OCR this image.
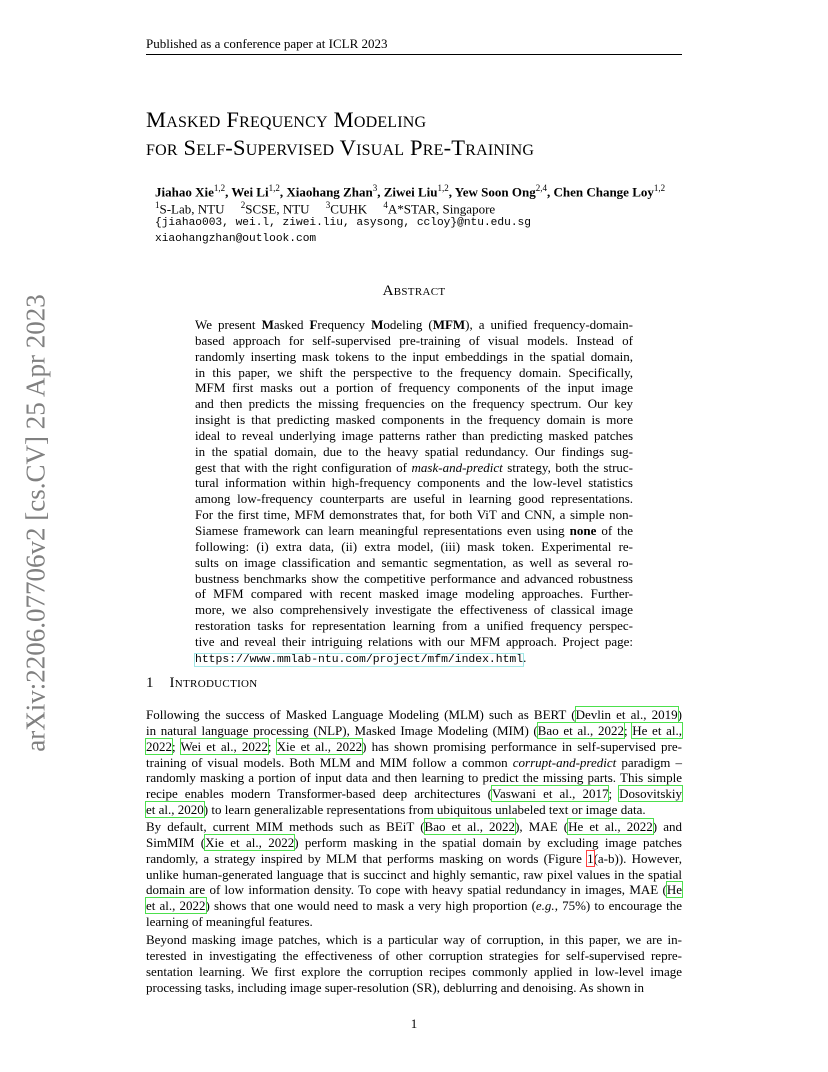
Published as a conference paper at ICLR 2023
Masked Frequency Modeling
for Self-Supervised Visual Pre-Training
Jiahao Xie$^{1,2}$, Wei Li$^{1,2}$, Xiaohang Zhan$^3$, Ziwei Liu$^{1,2}$, Yew Soon Ong$^{2,4}$, Chen Change Loy$^{1,2}$
$^1$S-Lab, NTU $^2$SCSE, NTU $^3$CUHK $^4$A*STAR, Singapore
{jiahao003, wei.l, ziwei.liu, asysong, ccloy}@ntu.edu.sg
xiaohangzhan@outlook.com
arXiv:2206.07706v2 [cs.CV] 25 Apr 2023
Abstract
We present Masked Frequency Modeling (MFM), a unified frequency-domain-
based approach for self-supervised pre-training of visual models. Instead of
randomly inserting mask tokens to the input embeddings in the spatial domain,
in this paper, we shift the perspective to the frequency domain. Specifically,
MFM first masks out a portion of frequency components of the input image
and then predicts the missing frequencies on the frequency spectrum. Our key
insight is that predicting masked components in the frequency domain is more
ideal to reveal underlying image patterns rather than predicting masked patches
in the spatial domain, due to the heavy spatial redundancy. Our findings sug-
gest that with the right configuration of mask-and-predict strategy, both the struc-
tural information within high-frequency components and the low-level statistics
among low-frequency counterparts are useful in learning good representations.
For the first time, MFM demonstrates that, for both ViT and CNN, a simple non-
Siamese framework can learn meaningful representations even using none of the
following: (i) extra data, (ii) extra model, (iii) mask token. Experimental re-
sults on image classification and semantic segmentation, as well as several ro-
bustness benchmarks show the competitive performance and advanced robustness
of MFM compared with recent masked image modeling approaches. Further-
more, we also comprehensively investigate the effectiveness of classical image
restoration tasks for representation learning from a unified frequency perspec-
tive and reveal their intriguing relations with our MFM approach. Project page:
https://www.mmlab-ntu.com/project/mfm/index.html.
1 Introduction
Following the success of Masked Language Modeling (MLM) such as BERT (Devlin et al., 2019)
in natural language processing (NLP), Masked Image Modeling (MIM) (Bao et al., 2022; He et al.,
2022; Wei et al., 2022; Xie et al., 2022) has shown promising performance in self-supervised pre-
training of visual models. Both MLM and MIM follow a common corrupt-and-predict paradigm –
randomly masking a portion of input data and then learning to predict the missing parts. This simple
recipe enables modern Transformer-based deep architectures (Vaswani et al., 2017; Dosovitskiy
et al., 2020) to learn generalizable representations from ubiquitous unlabeled text or image data.
By default, current MIM methods such as BEiT (Bao et al., 2022), MAE (He et al., 2022) and
SimMIM (Xie et al., 2022) perform masking in the spatial domain by excluding image patches
randomly, a strategy inspired by MLM that performs masking on words (Figure 1(a-b)). However,
unlike human-generated language that is succinct and highly semantic, raw pixel values in the spatial
domain are of low information density. To cope with heavy spatial redundancy in images, MAE (He
et al., 2022) shows that one would need to mask a very high proportion (e.g., 75%) to encourage the
learning of meaningful features.
Beyond masking image patches, which is a particular way of corruption, in this paper, we are in-
terested in investigating the effectiveness of other corruption strategies for self-supervised repre-
sentation learning. We first explore the corruption recipes commonly applied in low-level image
processing tasks, including image super-resolution (SR), deblurring and denoising. As shown in
1
